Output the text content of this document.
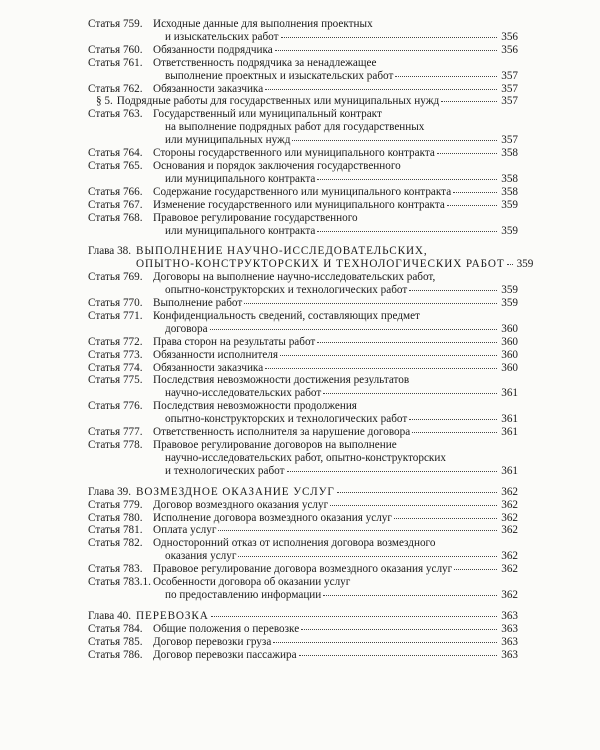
Статья 759. Исходные данные для выполнения проектных
и изыскательских работ	356
Статья 760. Обязанности подрядчика	356
Статья 761. Ответственность подрядчика за ненадлежащее
выполнение проектных и изыскательских работ	357
Статья 762. Обязанности заказчика	357
§ 5. Подрядные работы для государственных или муниципальных нужд	357
Статья 763. Государственный или муниципальный контракт
на выполнение подрядных работ для государственных
или муниципальных нужд	357
Статья 764. Стороны государственного или муниципального контракта	358
Статья 765. Основания и порядок заключения государственного
или муниципального контракта	358
Статья 766. Содержание государственного или муниципального контракта	358
Статья 767. Изменение государственного или муниципального контракта	359
Статья 768. Правовое регулирование государственного
или муниципального контракта	359
Глава 38. ВЫПОЛНЕНИЕ НАУЧНО-ИССЛЕДОВАТЕЛЬСКИХ,
ОПЫТНО-КОНСТРУКТОРСКИХ И ТЕХНОЛОГИЧЕСКИХ РАБОТ 359
Статья 769. Договоры на выполнение научно-исследовательских работ,
опытно-конструкторских и технологических работ	359
Статья 770. Выполнение работ	359
Статья 771. Конфиденциальность сведений, составляющих предмет
договора	360
Статья 772. Права сторон на результаты работ	360
Статья 773. Обязанности исполнителя	360
Статья 774. Обязанности заказчика	360
Статья 775. Последствия невозможности достижения результатов
научно-исследовательских работ	361
Статья 776. Последствия невозможности продолжения
опытно-конструкторских и технологических работ	361
Статья 777. Ответственность исполнителя за нарушение договора	361
Статья 778. Правовое регулирование договоров на выполнение
научно-исследовательских работ, опытно-конструкторских
и технологических работ	361
Глава 39. ВОЗМЕЗДНОЕ ОКАЗАНИЕ УСЛУГ	362
Статья 779. Договор возмездного оказания услуг	362
Статья 780. Исполнение договора возмездного оказания услуг	362
Статья 781. Оплата услуг	362
Статья 782. Односторонний отказ от исполнения договора возмездного
оказания услуг	362
Статья 783. Правовое регулирование договора возмездного оказания услуг	362
Статья 783.1. Особенности договора об оказании услуг
по предоставлению информации	362
Глава 40. ПЕРЕВОЗКА	363
Статья 784. Общие положения о перевозке	363
Статья 785. Договор перевозки груза	363
Статья 786. Договор перевозки пассажира	363
